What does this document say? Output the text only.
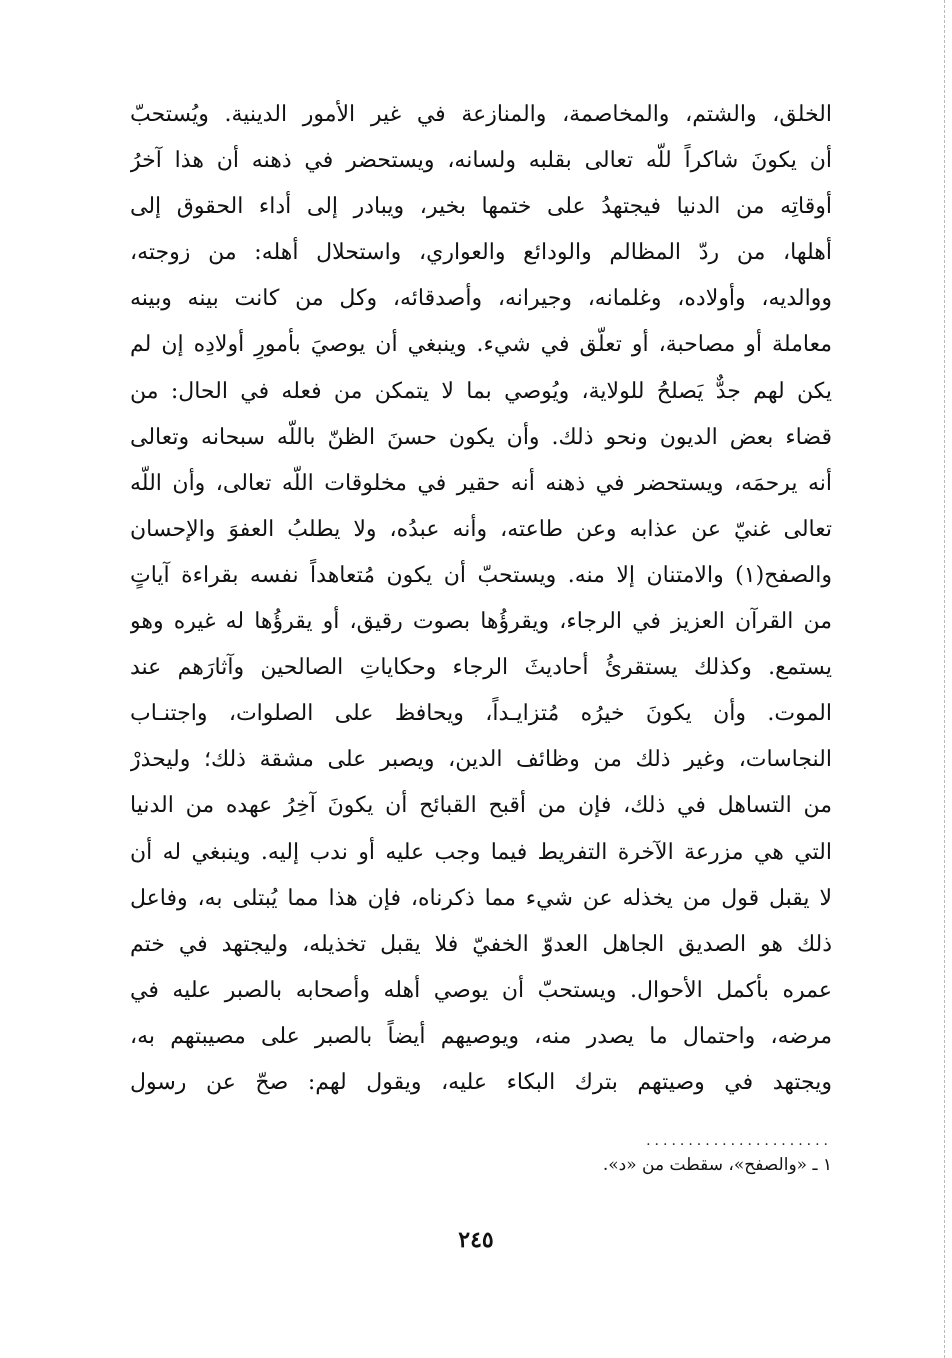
الخلق، والشتم، والمخاصمة، والمنازعة في غير الأمور الدينية. ويُستحبّ
أن يكونَ شاكراً للّه تعالى بقلبه ولسانه، ويستحضر في ذهنه أن هذا آخرُ
أوقاتِه من الدنيا فيجتهدُ على ختمها بخير، ويبادر إلى أداء الحقوق إلى
أهلها، من ردّ المظالم والودائع والعواري، واستحلال أهله: من زوجته،
ووالديه، وأولاده، وغلمانه، وجيرانه، وأصدقائه، وكل من كانت بينه وبينه
معاملة أو مصاحبة، أو تعلّق في شيء. وينبغي أن يوصيَ بأمورِ أولادِه إن لم
يكن لهم جدٌّ يَصلحُ للولاية، ويُوصي بما لا يتمكن من فعله في الحال: من
قضاء بعض الديون ونحو ذلك. وأن يكون حسنَ الظنّ باللّه سبحانه وتعالى
أنه يرحمَه، ويستحضر في ذهنه أنه حقير في مخلوقات اللّه تعالى، وأن اللّه
تعالى غنيّ عن عذابه وعن طاعته، وأنه عبدُه، ولا يطلبُ العفوَ والإحسان
والصفح(١) والامتنان إلا منه. ويستحبّ أن يكون مُتعاهداً نفسه بقراءة آياتٍ
من القرآن العزيز في الرجاء، ويقرؤُها بصوت رقيق، أو يقرؤُها له غيره وهو
يستمع. وكذلك يستقرئُ أحاديثَ الرجاء وحكاياتِ الصالحين وآثارَهم عند
الموت. وأن يكونَ خيرُه مُتزايـداً، ويحافظ على الصلوات، واجتنـاب
النجاسات، وغير ذلك من وظائف الدين، ويصبر على مشقة ذلك؛ وليحذرْ
من التساهل في ذلك، فإن من أقبح القبائح أن يكونَ آخِرُ عهده من الدنيا
التي هي مزرعة الآخرة التفريط فيما وجب عليه أو ندب إليه. وينبغي له أن
لا يقبل قول من يخذله عن شيء مما ذكرناه، فإن هذا مما يُبتلى به، وفاعل
ذلك هو الصديق الجاهل العدوّ الخفيّ فلا يقبل تخذيله، وليجتهد في ختم
عمره بأكمل الأحوال. ويستحبّ أن يوصي أهله وأصحابه بالصبر عليه في
مرضه، واحتمال ما يصدر منه، ويوصيهم أيضاً بالصبر على مصيبتهم به،
ويجتهد في وصيتهم بترك البكاء عليه، ويقول لهم: صحّ عن رسول
......................
١ ـ «والصفح»، سقطت من «د».
٢٤٥
